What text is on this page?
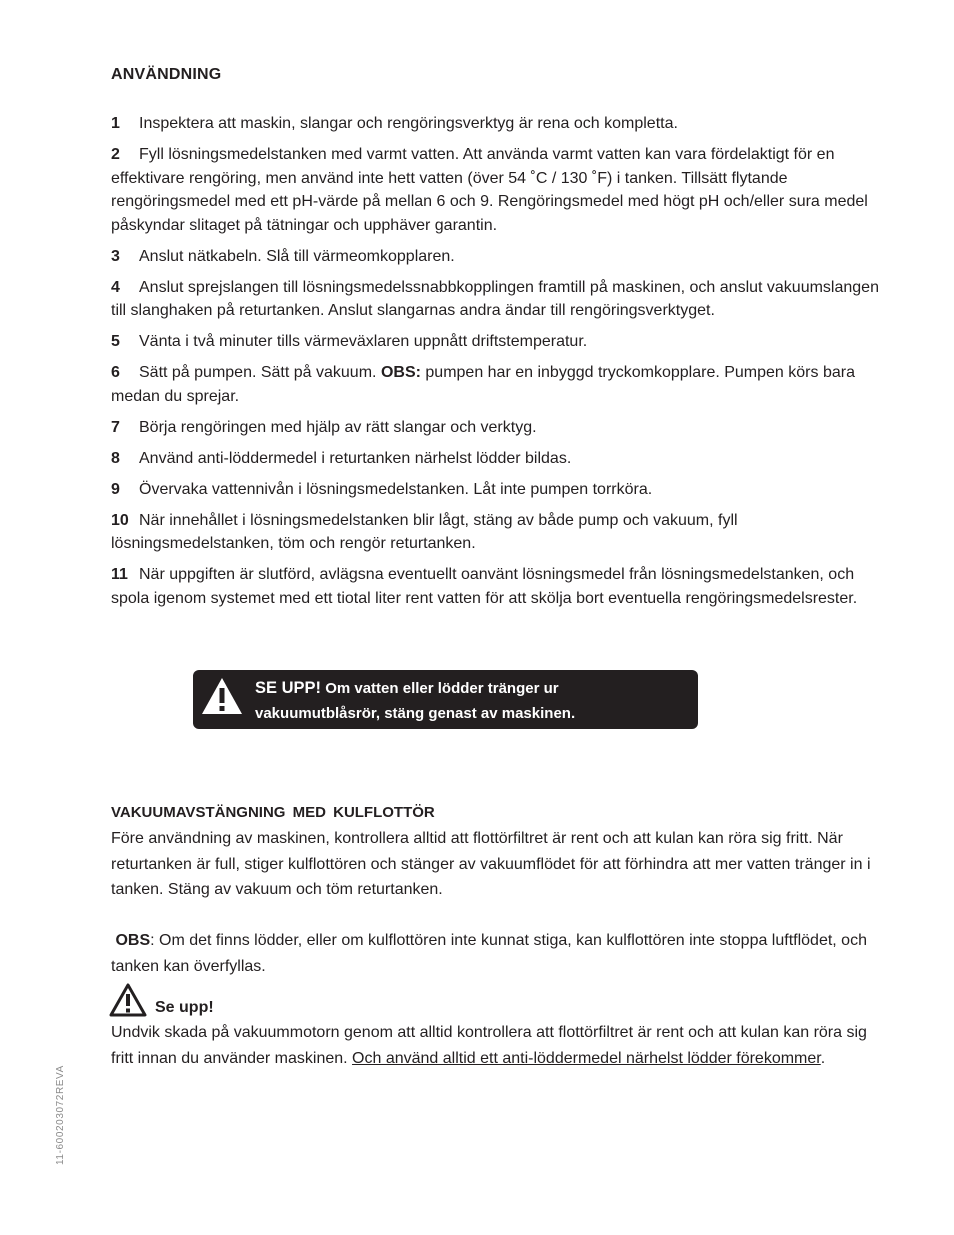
ANVÄNDNING
1 Inspektera att maskin, slangar och rengöringsverktyg är rena och kompletta.
2 Fyll lösningsmedelstanken med varmt vatten. Att använda varmt vatten kan vara fördelaktigt för en effektivare rengöring, men använd inte hett vatten (över 54 ˚C / 130 ˚F) i tanken. Tillsätt flytande rengöringsmedel med ett pH-värde på mellan 6 och 9. Rengöringsmedel med högt pH och/eller sura medel påskyndar slitaget på tätningar och upphäver garantin.
3 Anslut nätkabeln. Slå till värmeomkopplaren.
4 Anslut sprejslangen till lösningsmedelssnabbkopplingen framtill på maskinen, och anslut vakuumslangen till slanghaken på returtanken. Anslut slangarnas andra ändar till rengöringsverktyget.
5 Vänta i två minuter tills värmeväxlaren uppnått driftstemperatur.
6 Sätt på pumpen. Sätt på vakuum. OBS: pumpen har en inbyggd tryckomkopplare. Pumpen körs bara medan du sprejar.
7 Börja rengöringen med hjälp av rätt slangar och verktyg.
8 Använd anti-löddermedel i returtanken närhelst lödder bildas.
9 Övervaka vattennivån i lösningsmedelstanken. Låt inte pumpen torrköra.
10 När innehållet i lösningsmedelstanken blir lågt, stäng av både pump och vakuum, fyll lösningsmedelstanken, töm och rengör returtanken.
11 När uppgiften är slutförd, avlägsna eventuellt oanvänt lösningsmedel från lösningsmedelstanken, och spola igenom systemet med ett tiotal liter rent vatten för att skölja bort eventuella rengöringsmedelsrester.
SE UPP! Om vatten eller lödder tränger ur vakuumutblåsrör, stäng genast av maskinen.
VAKUUMAVSTÄNGNING MED KULFLOTTÖR
Före användning av maskinen, kontrollera alltid att flottörfiltret är rent och att kulan kan röra sig fritt. När returtanken är full, stiger kulflottören och stänger av vakuumflödet för att förhindra att mer vatten tränger in i tanken. Stäng av vakuum och töm returtanken.
OBS: Om det finns lödder, eller om kulflottören inte kunnat stiga, kan kulflottören inte stoppa luftflödet, och tanken kan överfyllas.
Se upp!
Undvik skada på vakuummotorn genom att alltid kontrollera att flottörfiltret är rent och att kulan kan röra sig fritt innan du använder maskinen. Och använd alltid ett anti-löddermedel närhelst lödder förekommer.
11-600203072REVA
